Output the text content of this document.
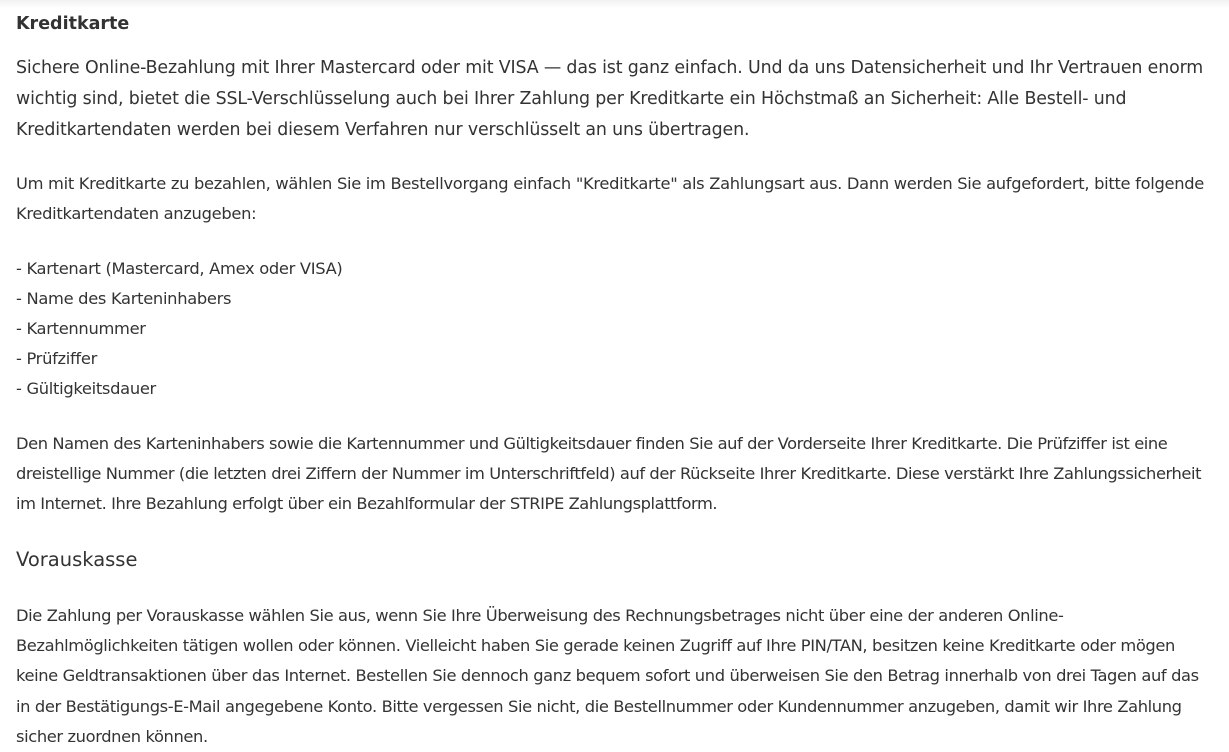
Kreditkarte

Sichere Online-Bezahlung mit Ihrer Mastercard oder mit VISA — das ist ganz einfach. Und da uns Datensicherheit und Ihr Vertrauen enorm wichtig sind, bietet die SSL-Verschlüsselung auch bei Ihrer Zahlung per Kreditkarte ein Höchstmaß an Sicherheit: Alle Bestell- und Kreditkartendaten werden bei diesem Verfahren nur verschlüsselt an uns übertragen.

Um mit Kreditkarte zu bezahlen, wählen Sie im Bestellvorgang einfach "Kreditkarte" als Zahlungsart aus. Dann werden Sie aufgefordert, bitte folgende Kreditkartendaten anzugeben:

- Kartenart (Mastercard, Amex oder VISA)
- Name des Karteninhabers
- Kartennummer
- Prüfziffer
- Gültigkeitsdauer

Den Namen des Karteninhabers sowie die Kartennummer und Gültigkeitsdauer finden Sie auf der Vorderseite Ihrer Kreditkarte. Die Prüfziffer ist eine dreistellige Nummer (die letzten drei Ziffern der Nummer im Unterschriftfeld) auf der Rückseite Ihrer Kreditkarte. Diese verstärkt Ihre Zahlungssicherheit im Internet. Ihre Bezahlung erfolgt über ein Bezahlformular der STRIPE Zahlungsplattform.

Vorauskasse

Die Zahlung per Vorauskasse wählen Sie aus, wenn Sie Ihre Überweisung des Rechnungsbetrages nicht über eine der anderen Online-Bezahlmöglichkeiten tätigen wollen oder können. Vielleicht haben Sie gerade keinen Zugriff auf Ihre PIN/TAN, besitzen keine Kreditkarte oder mögen keine Geldtransaktionen über das Internet. Bestellen Sie dennoch ganz bequem sofort und überweisen Sie den Betrag innerhalb von drei Tagen auf das in der Bestätigungs-E-Mail angegebene Konto. Bitte vergessen Sie nicht, die Bestellnummer oder Kundennummer anzugeben, damit wir Ihre Zahlung sicher zuordnen können.
